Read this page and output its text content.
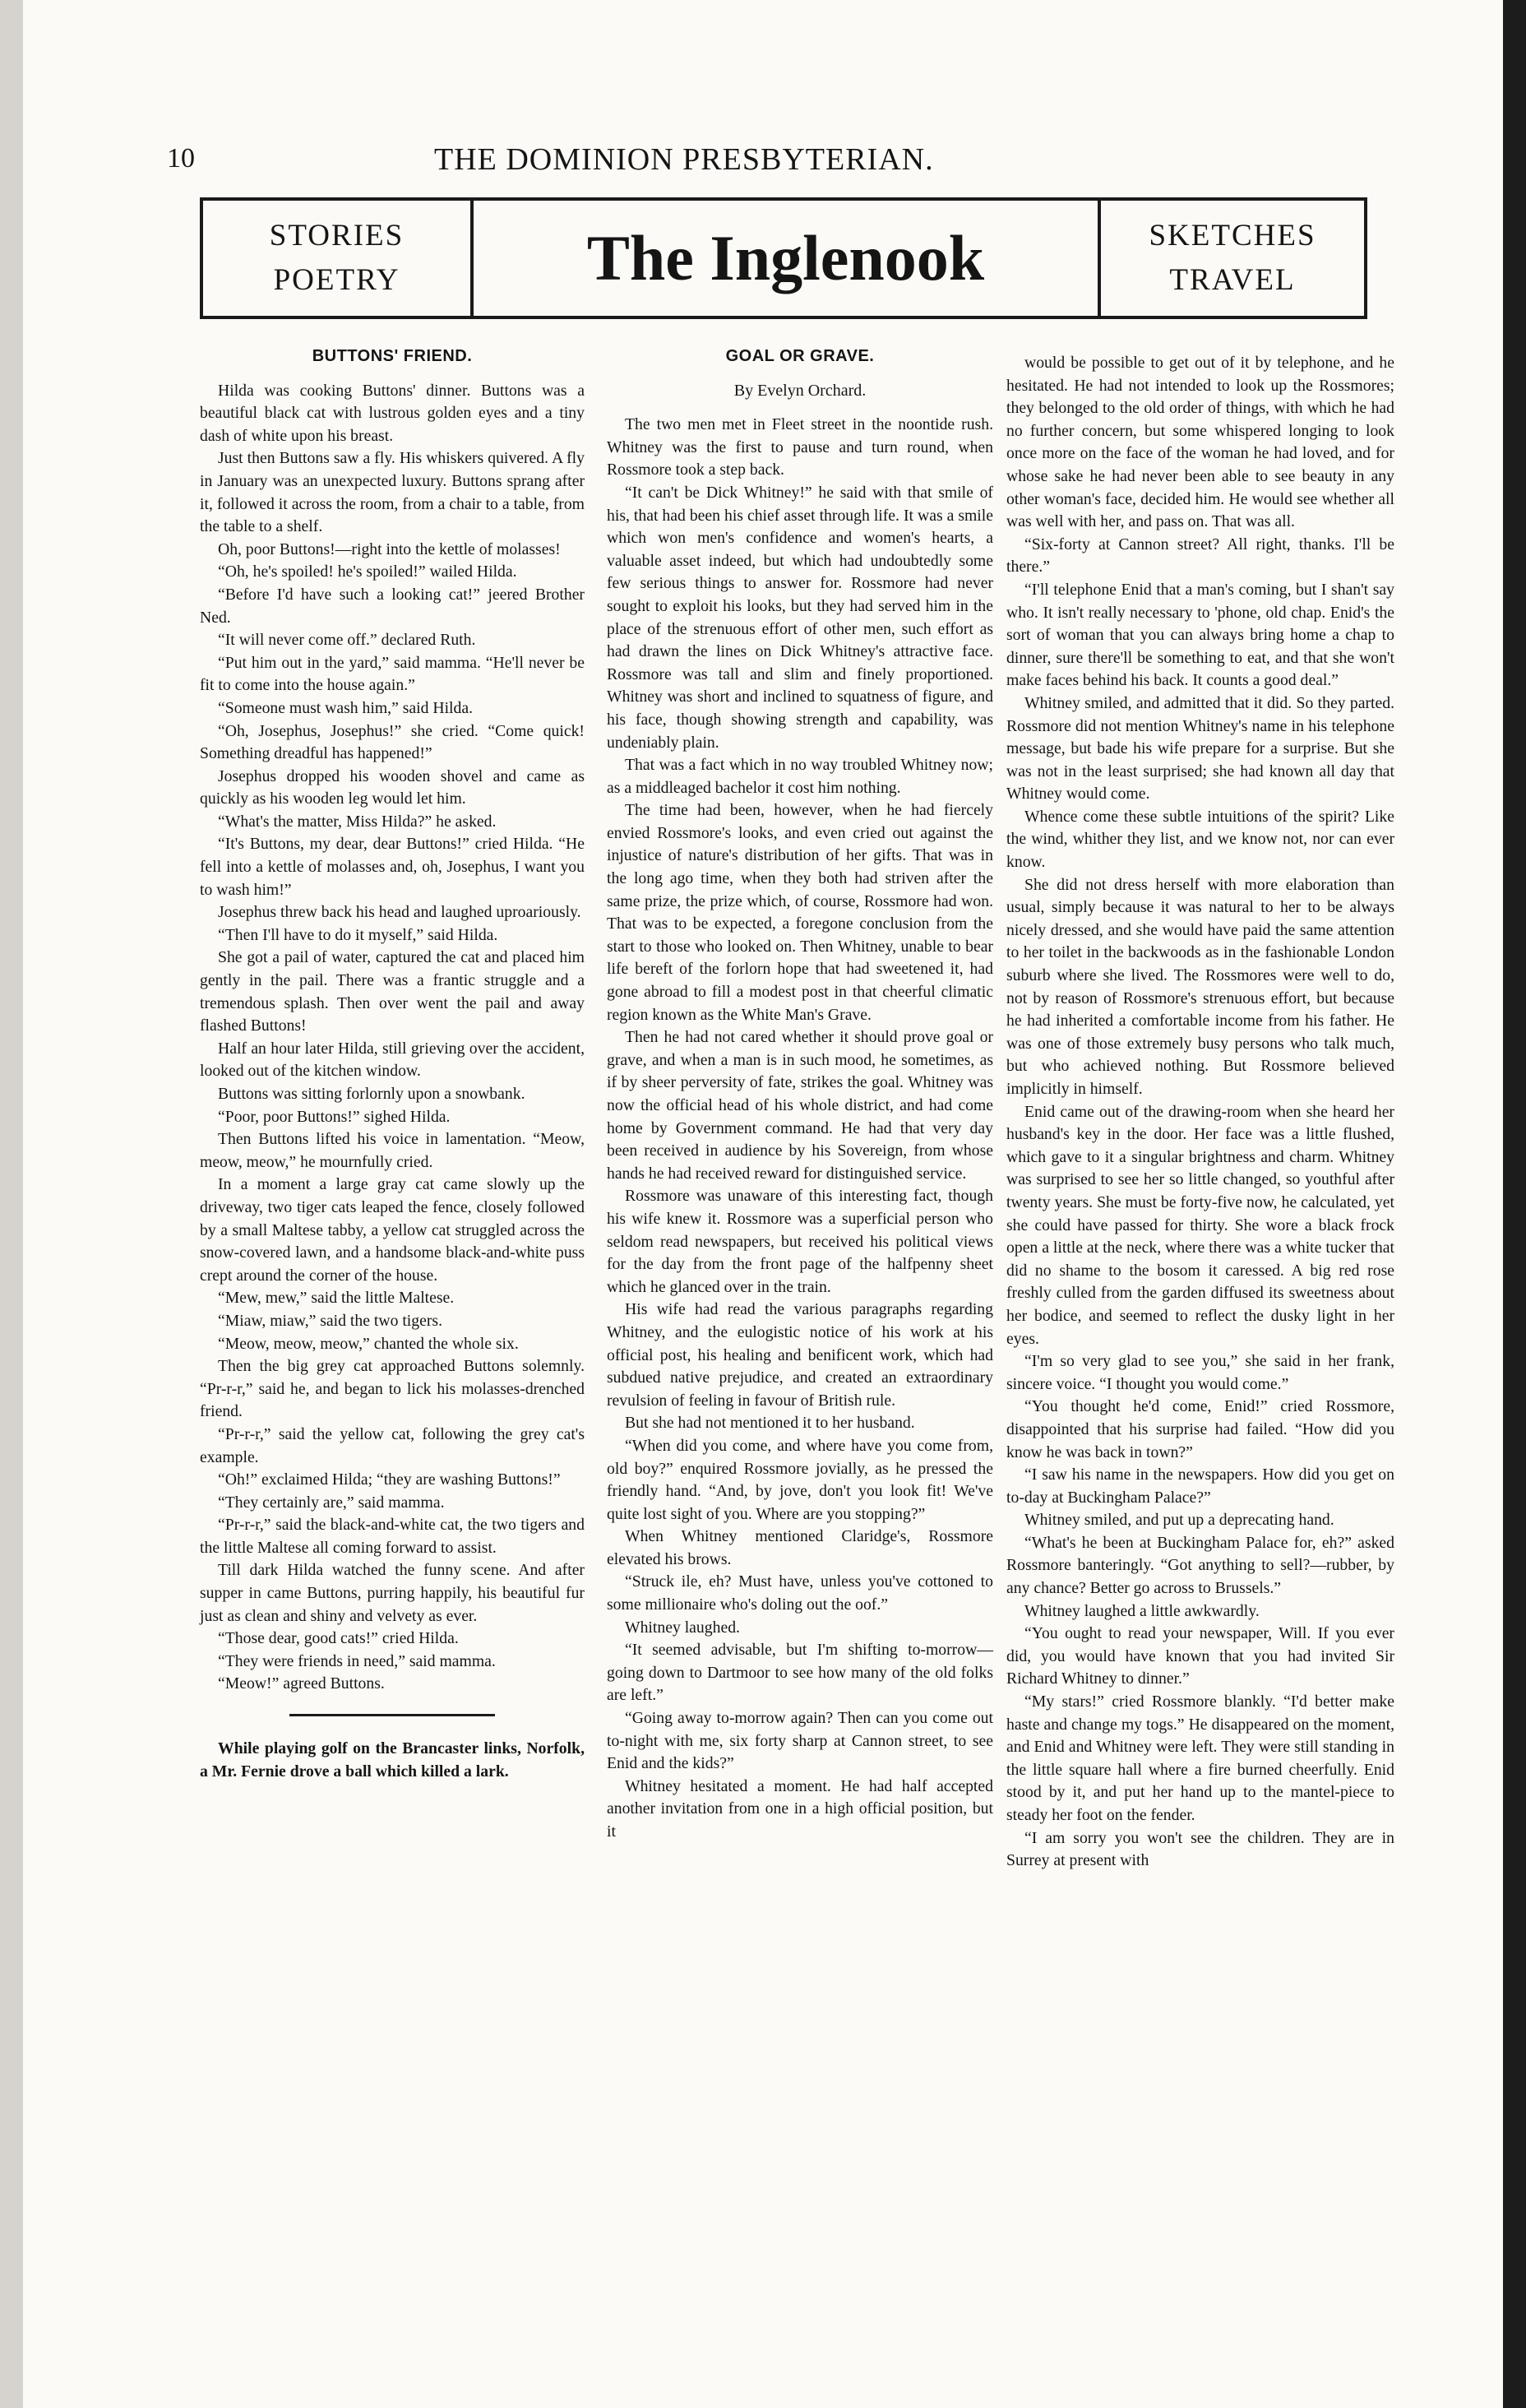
10	THE DOMINION PRESBYTERIAN.
STORIES
POETRY	The Inglenook	SKETCHES
TRAVEL
BUTTONS' FRIEND.

Hilda was cooking Buttons' dinner. Buttons was a beautiful black cat with lustrous golden eyes and a tiny dash of white upon his breast.

Just then Buttons saw a fly. His whiskers quivered. A fly in January was an unexpected luxury. Buttons sprang after it, followed it across the room, from a chair to a table, from the table to a shelf.

Oh, poor Buttons!—right into the kettle of molasses!

“Oh, he's spoiled! he's spoiled!” wailed Hilda.

“Before I'd have such a looking cat!” jeered Brother Ned.

“It will never come off.” declared Ruth.

“Put him out in the yard,” said mamma. “He'll never be fit to come into the house again.”

“Someone must wash him,” said Hilda.

“Oh, Josephus, Josephus!” she cried. “Come quick! Something dreadful has happened!”

Josephus dropped his wooden shovel and came as quickly as his wooden leg would let him.

“What's the matter, Miss Hilda?” he asked.

“It's Buttons, my dear, dear Buttons!” cried Hilda. “He fell into a kettle of molasses and, oh, Josephus, I want you to wash him!”

Josephus threw back his head and laughed uproariously.

“Then I'll have to do it myself,” said Hilda.

She got a pail of water, captured the cat and placed him gently in the pail. There was a frantic struggle and a tremendous splash. Then over went the pail and away flashed Buttons!

Half an hour later Hilda, still grieving over the accident, looked out of the kitchen window.

Buttons was sitting forlornly upon a snowbank.

“Poor, poor Buttons!” sighed Hilda.

Then Buttons lifted his voice in lamentation. “Meow, meow, meow,” he mournfully cried.

In a moment a large gray cat came slowly up the driveway, two tiger cats leaped the fence, closely followed by a small Maltese tabby, a yellow cat struggled across the snow-covered lawn, and a handsome black-and-white puss crept around the corner of the house.

“Mew, mew,” said the little Maltese.

“Miaw, miaw,” said the two tigers.

“Meow, meow, meow,” chanted the whole six.

Then the big grey cat approached Buttons solemnly. “Pr-r-r,” said he, and began to lick his molasses-drenched friend.

“Pr-r-r,” said the yellow cat, following the grey cat's example.

“Oh!” exclaimed Hilda; “they are washing Buttons!”

“They certainly are,” said mamma.

“Pr-r-r,” said the black-and-white cat, the two tigers and the little Maltese all coming forward to assist.

Till dark Hilda watched the funny scene. And after supper in came Buttons, purring happily, his beautiful fur just as clean and shiny and velvety as ever.

“Those dear, good cats!” cried Hilda.

“They were friends in need,” said mamma.

“Meow!” agreed Buttons.

While playing golf on the Brancaster links, Norfolk, a Mr. Fernie drove a ball which killed a lark.

GOAL OR GRAVE.

By Evelyn Orchard.

The two men met in Fleet street in the noontide rush. Whitney was the first to pause and turn round, when Rossmore took a step back.

“It can't be Dick Whitney!” he said with that smile of his, that had been his chief asset through life. It was a smile which won men's confidence and women's hearts, a valuable asset indeed, but which had undoubtedly some few serious things to answer for. Rossmore had never sought to exploit his looks, but they had served him in the place of the strenuous effort of other men, such effort as had drawn the lines on Dick Whitney's attractive face. Rossmore was tall and slim and finely proportioned. Whitney was short and inclined to squatness of figure, and his face, though showing strength and capability, was undeniably plain.

That was a fact which in no way troubled Whitney now; as a middleaged bachelor it cost him nothing.

The time had been, however, when he had fiercely envied Rossmore's looks, and even cried out against the injustice of nature's distribution of her gifts. That was in the long ago time, when they both had striven after the same prize, the prize which, of course, Rossmore had won. That was to be expected, a foregone conclusion from the start to those who looked on. Then Whitney, unable to bear life bereft of the forlorn hope that had sweetened it, had gone abroad to fill a modest post in that cheerful climatic region known as the White Man's Grave.

Then he had not cared whether it should prove goal or grave, and when a man is in such mood, he sometimes, as if by sheer perversity of fate, strikes the goal. Whitney was now the official head of his whole district, and had come home by Government command. He had that very day been received in audience by his Sovereign, from whose hands he had received reward for distinguished service.

Rossmore was unaware of this interesting fact, though his wife knew it. Rossmore was a superficial person who seldom read newspapers, but received his political views for the day from the front page of the halfpenny sheet which he glanced over in the train.

His wife had read the various paragraphs regarding Whitney, and the eulogistic notice of his work at his official post, his healing and benificent work, which had subdued native prejudice, and created an extraordinary revulsion of feeling in favour of British rule.

But she had not mentioned it to her husband.

“When did you come, and where have you come from, old boy?” enquired Rossmore jovially, as he pressed the friendly hand. “And, by jove, don't you look fit! We've quite lost sight of you. Where are you stopping?”

When Whitney mentioned Claridge's, Rossmore elevated his brows.

“Struck ile, eh? Must have, unless you've cottoned to some millionaire who's doling out the oof.”

Whitney laughed.

“It seemed advisable, but I'm shifting to-morrow—going down to Dartmoor to see how many of the old folks are left.”

“Going away to-morrow again? Then can you come out to-night with me, six forty sharp at Cannon street, to see Enid and the kids?”

Whitney hesitated a moment. He had half accepted another invitation from one in a high official position, but it

would be possible to get out of it by telephone, and he hesitated. He had not intended to look up the Rossmores; they belonged to the old order of things, with which he had no further concern, but some whispered longing to look once more on the face of the woman he had loved, and for whose sake he had never been able to see beauty in any other woman's face, decided him. He would see whether all was well with her, and pass on. That was all.

“Six-forty at Cannon street? All right, thanks. I'll be there.”

“I'll telephone Enid that a man's coming, but I shan't say who. It isn't really necessary to 'phone, old chap. Enid's the sort of woman that you can always bring home a chap to dinner, sure there'll be something to eat, and that she won't make faces behind his back. It counts a good deal.”

Whitney smiled, and admitted that it did. So they parted. Rossmore did not mention Whitney's name in his telephone message, but bade his wife prepare for a surprise. But she was not in the least surprised; she had known all day that Whitney would come.

Whence come these subtle intuitions of the spirit? Like the wind, whither they list, and we know not, nor can ever know.

She did not dress herself with more elaboration than usual, simply because it was natural to her to be always nicely dressed, and she would have paid the same attention to her toilet in the backwoods as in the fashionable London suburb where she lived. The Rossmores were well to do, not by reason of Rossmore's strenuous effort, but because he had inherited a comfortable income from his father. He was one of those extremely busy persons who talk much, but who achieved nothing. But Rossmore believed implicitly in himself.

Enid came out of the drawing-room when she heard her husband's key in the door. Her face was a little flushed, which gave to it a singular brightness and charm. Whitney was surprised to see her so little changed, so youthful after twenty years. She must be forty-five now, he calculated, yet she could have passed for thirty. She wore a black frock open a little at the neck, where there was a white tucker that did no shame to the bosom it caressed. A big red rose freshly culled from the garden diffused its sweetness about her bodice, and seemed to reflect the dusky light in her eyes.

“I'm so very glad to see you,” she said in her frank, sincere voice. “I thought you would come.”

“You thought he'd come, Enid!” cried Rossmore, disappointed that his surprise had failed. “How did you know he was back in town?”

“I saw his name in the newspapers. How did you get on to-day at Buckingham Palace?”

Whitney smiled, and put up a deprecating hand.

“What's he been at Buckingham Palace for, eh?” asked Rossmore banteringly. “Got anything to sell?—rubber, by any chance? Better go across to Brussels.”

Whitney laughed a little awkwardly.

“You ought to read your newspaper, Will. If you ever did, you would have known that you had invited Sir Richard Whitney to dinner.”

“My stars!” cried Rossmore blankly. “I'd better make haste and change my togs.” He disappeared on the moment, and Enid and Whitney were left. They were still standing in the little square hall where a fire burned cheerfully. Enid stood by it, and put her hand up to the mantel-piece to steady her foot on the fender.

“I am sorry you won't see the children. They are in Surrey at present with
